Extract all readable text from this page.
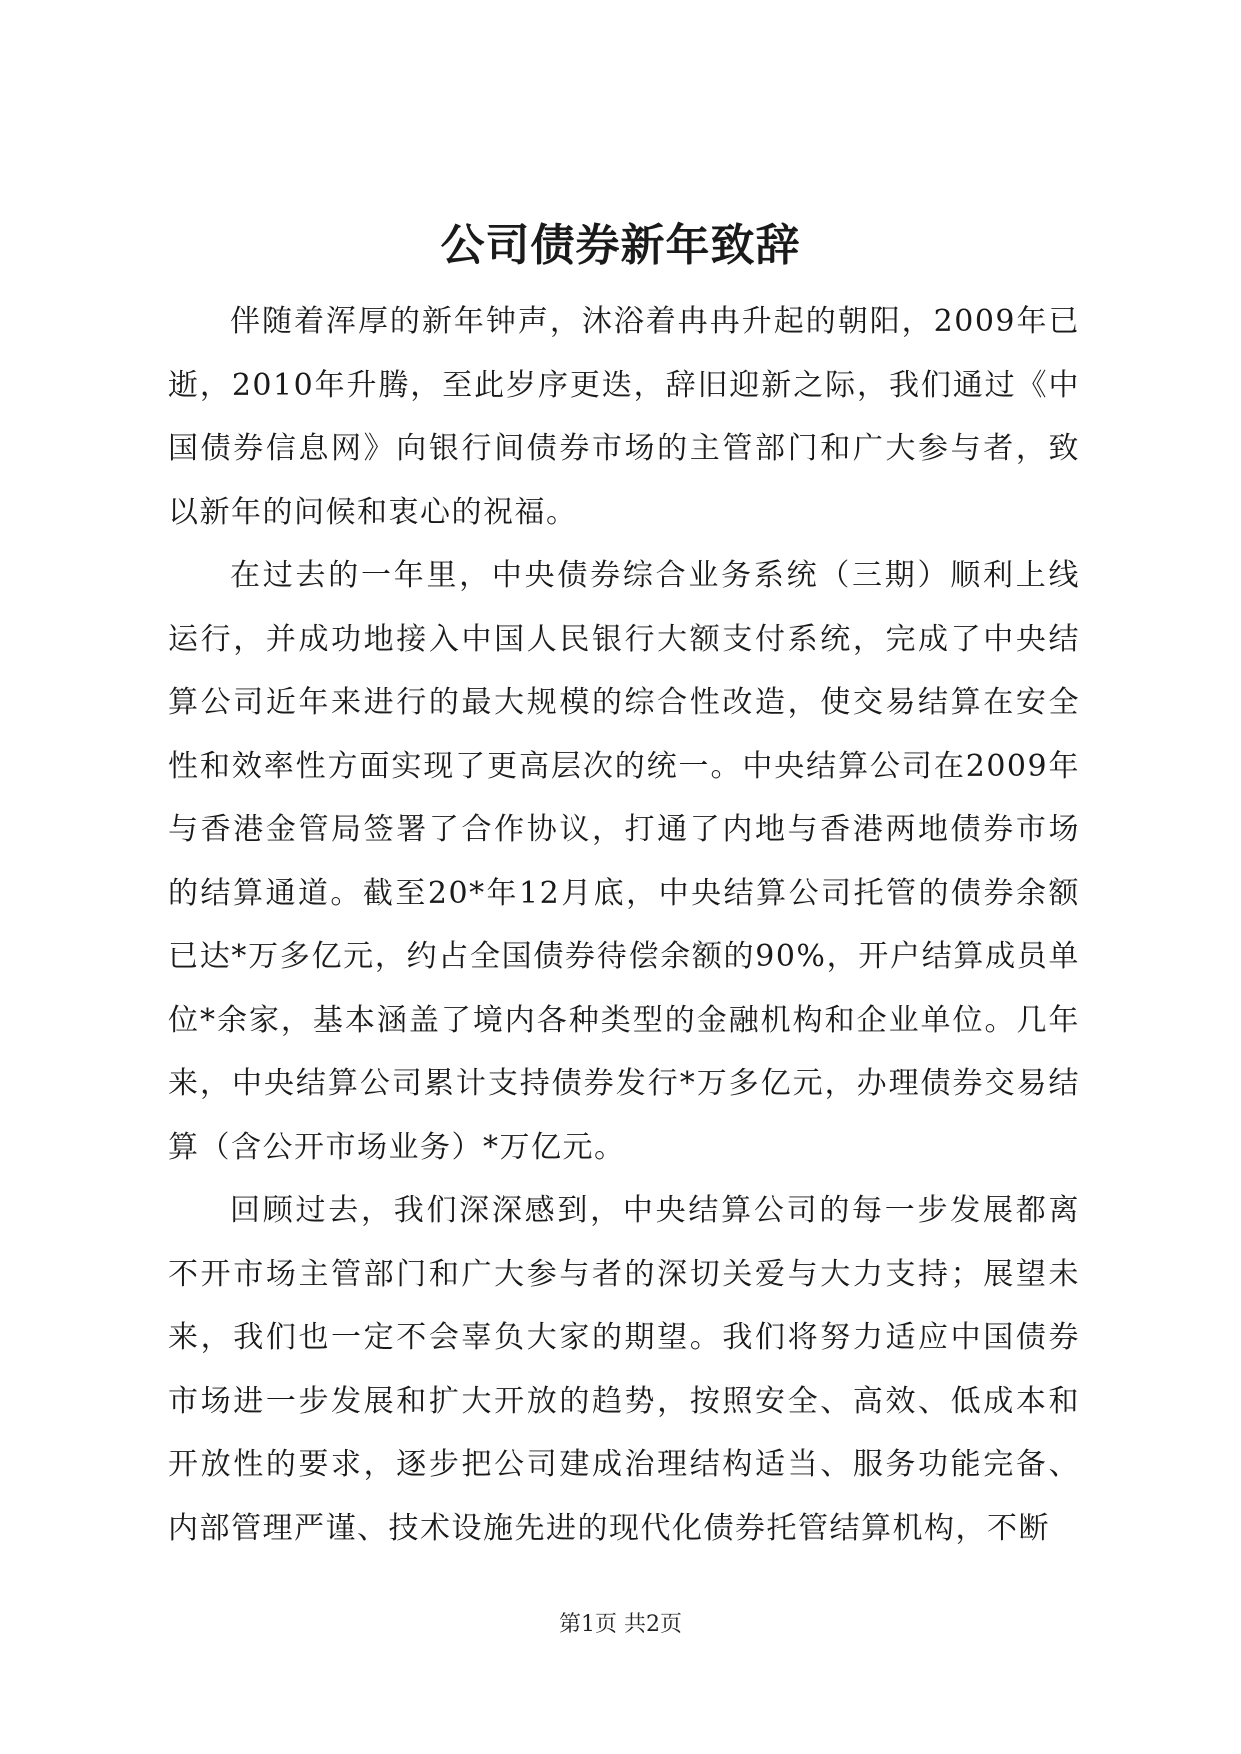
公司债券新年致辞

伴随着浑厚的新年钟声，沐浴着冉冉升起的朝阳，2009年已逝，2010年升腾，至此岁序更迭，辞旧迎新之际，我们通过《中国债券信息网》向银行间债券市场的主管部门和广大参与者，致以新年的问候和衷心的祝福。

在过去的一年里，中央债券综合业务系统（三期）顺利上线运行，并成功地接入中国人民银行大额支付系统，完成了中央结算公司近年来进行的最大规模的综合性改造，使交易结算在安全性和效率性方面实现了更高层次的统一。中央结算公司在2009年与香港金管局签署了合作协议，打通了内地与香港两地债券市场的结算通道。截至20*年12月底，中央结算公司托管的债券余额已达*万多亿元，约占全国债券待偿余额的90%，开户结算成员单位*余家，基本涵盖了境内各种类型的金融机构和企业单位。几年来，中央结算公司累计支持债券发行*万多亿元，办理债券交易结算（含公开市场业务）*万亿元。

回顾过去，我们深深感到，中央结算公司的每一步发展都离不开市场主管部门和广大参与者的深切关爱与大力支持；展望未来，我们也一定不会辜负大家的期望。我们将努力适应中国债券市场进一步发展和扩大开放的趋势，按照安全、高效、低成本和开放性的要求，逐步把公司建成治理结构适当、服务功能完备、内部管理严谨、技术设施先进的现代化债券托管结算机构，不断

第1页 共2页
